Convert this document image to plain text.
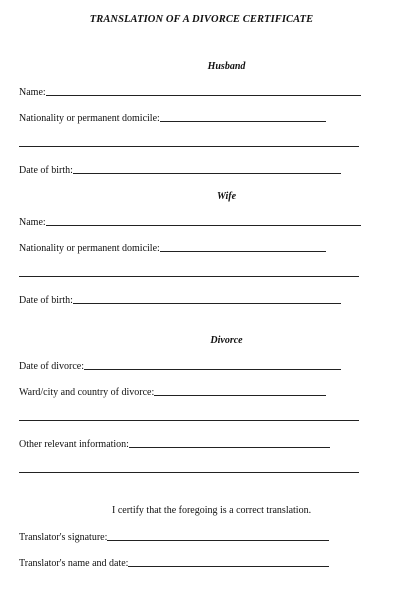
TRANSLATION OF A DIVORCE CERTIFICATE
Husband
Name:
Nationality or permanent domicile:
Date of birth:
Wife
Name:
Nationality or permanent domicile:
Date of birth:
Divorce
Date of divorce:
Ward/city and country of divorce:
Other relevant information:
I certify that the foregoing is a correct translation.
Translator's signature:
Translator's name and date:
